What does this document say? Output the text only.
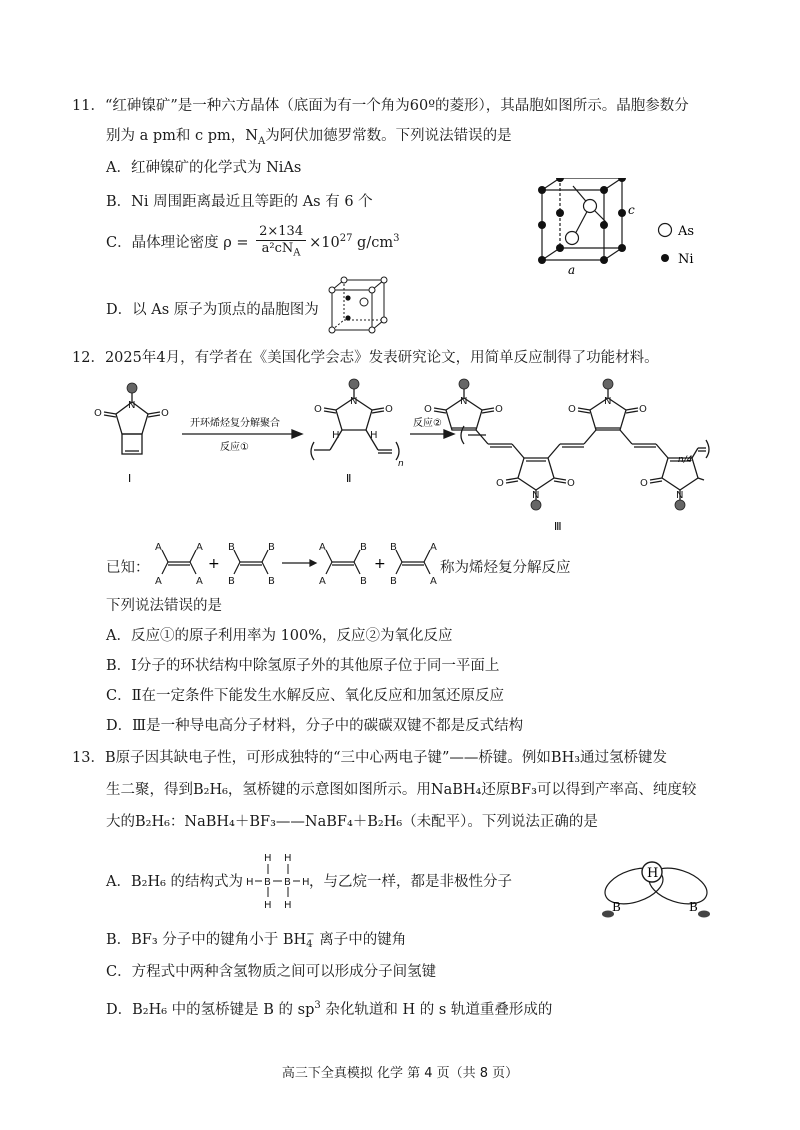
11．“红砷镍矿”是一种六方晶体（底面为有一个角为60º的菱形），其晶胞如图所示。晶胞参数分
别为 a pm和 c pm，$N_A$为阿伏加德罗常数。下列说法错误的是
A．红砷镍矿的化学式为 NiAs
B．Ni 周围距离最近且等距的 As 有 6 个
C．晶体理论密度 $\rho = \frac{2\times 134}{a^2cN_A} \times 10^{27}$ $g/cm^3$
D．以 As 原子为顶点的晶胞图为
c
a
As
Ni
12．2025年4月，有学者在《美国化学会志》发表研究论文，用简单反应制得了功能材料。
N
O	O
N
O	O
H	H
N
O	O
N
O	O
N
O	O
N
O
n	n/4
开环烯烃复分解聚合
反应①
反应②
Ⅰ	Ⅱ
Ⅲ
已知：
A
A
A
A
B
B
B
B
A
A
B
B
B
B
A
A
+	+	称为烯烃复分解反应
下列说法错误的是
A．反应①的原子利用率为 100%，反应②为氧化反应
B．Ⅰ分子的环状结构中除氢原子外的其他原子位于同一平面上
C．Ⅱ在一定条件下能发生水解反应、氧化反应和加氢还原反应
D．Ⅲ是一种导电高分子材料，分子中的碳碳双键不都是反式结构
13．B原子因其缺电子性，可形成独特的“三中心两电子键”——桥键。例如BH₃通过氢桥键发
生二聚，得到B₂H₆，氢桥键的示意图如图所示。用NaBH₄还原BF₃可以得到产率高、纯度较
大的B₂H₆：NaBH₄＋BF₃——NaBF₄＋B₂H₆（未配平）。下列说法正确的是
A．B₂H₆ 的结构式为	，与乙烷一样，都是非极性分子
H B B H
H H
H H
H
B	B
B．BF₃ 分子中的键角小于 BH −
4 离子中的键角
C．方程式中两种含氢物质之间可以形成分子间氢键
D．B₂H₆ 中的氢桥键是 B 的 $sp^3$ 杂化轨道和 H 的 s 轨道重叠形成的
高三下全真模拟 化学 第 4 页（共 8 页）
